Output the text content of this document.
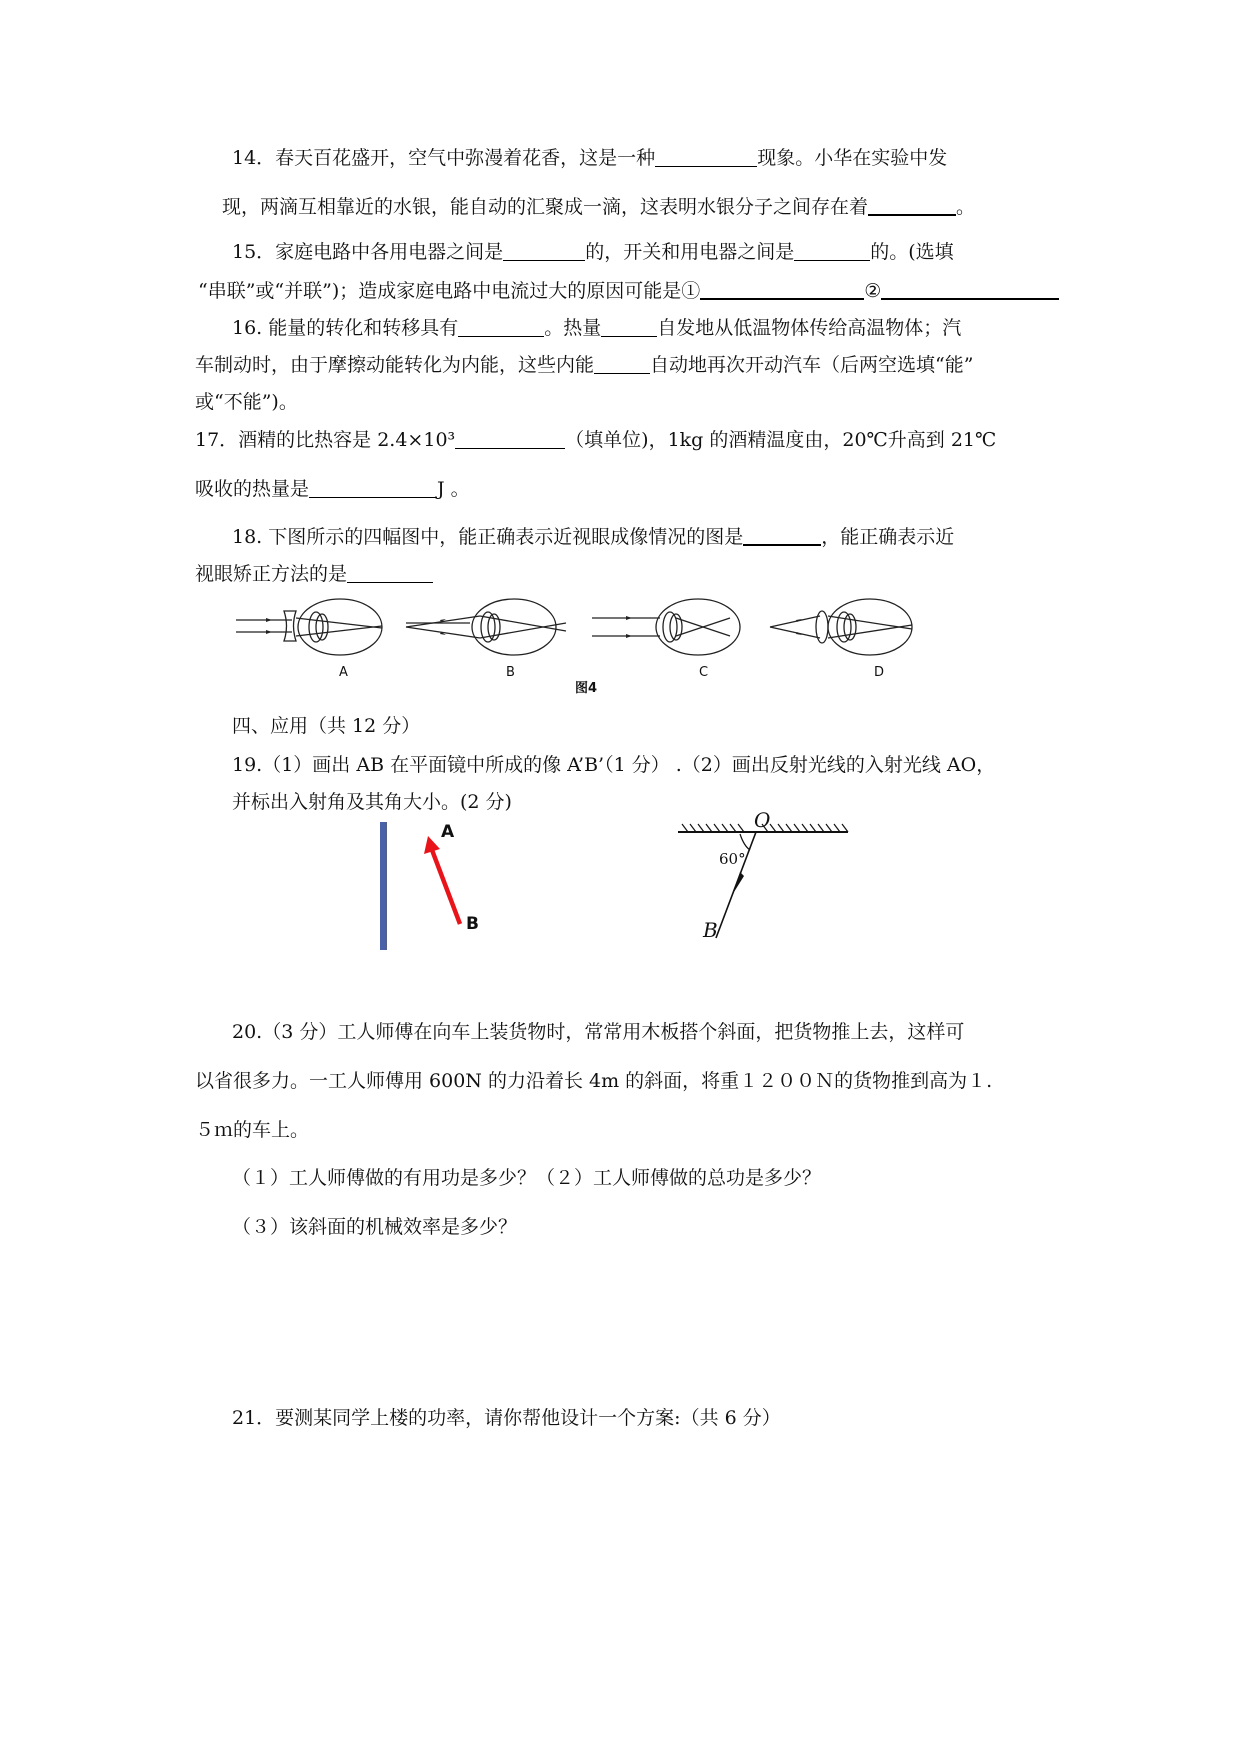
14．春天百花盛开，空气中弥漫着花香，这是一种	现象。小华在实验中发
现，两滴互相靠近的水银，能自动的汇聚成一滴，这表明水银分子之间存在着	。
15．家庭电路中各用电器之间是	的，开关和用电器之间是	的。(选填
“串联”或“并联”)；造成家庭电路中电流过大的原因可能是①	②
16. 能量的转化和转移具有	。热量	自发地从低温物体传给高温物体；汽
车制动时，由于摩擦动能转化为内能，这些内能	自动地再次开动汽车（后两空选填“能”
或“不能”)。
17．酒精的比热容是 2.4×10³	（填单位)，1kg 的酒精温度由，20℃升高到 21℃
吸收的热量是	J 。
18. 下图所示的四幅图中，能正确表示近视眼成像情况的图是	，能正确表示近
视眼矫正方法的是
A	B	C	D
图4
四、应用（共 12 分）
19.（1）画出 AB 在平面镜中所成的像 A’B’（1 分） .（2）画出反射光线的入射光线 AO，
并标出入射角及其角大小。(2 分)
A
B
O
60°
B
20.（3 分）工人师傅在向车上装货物时，常常用木板搭个斜面，把货物推上去，这样可
以省很多力。一工人师傅用 600N 的力沿着长 4m 的斜面，将重１２００Ｎ的货物推到高为１.
５ｍ的车上。
（１）工人师傅做的有用功是多少？（２）工人师傅做的总功是多少？
（３）该斜面的机械效率是多少？
21．要测某同学上楼的功率，请你帮他设计一个方案:（共 6 分）
